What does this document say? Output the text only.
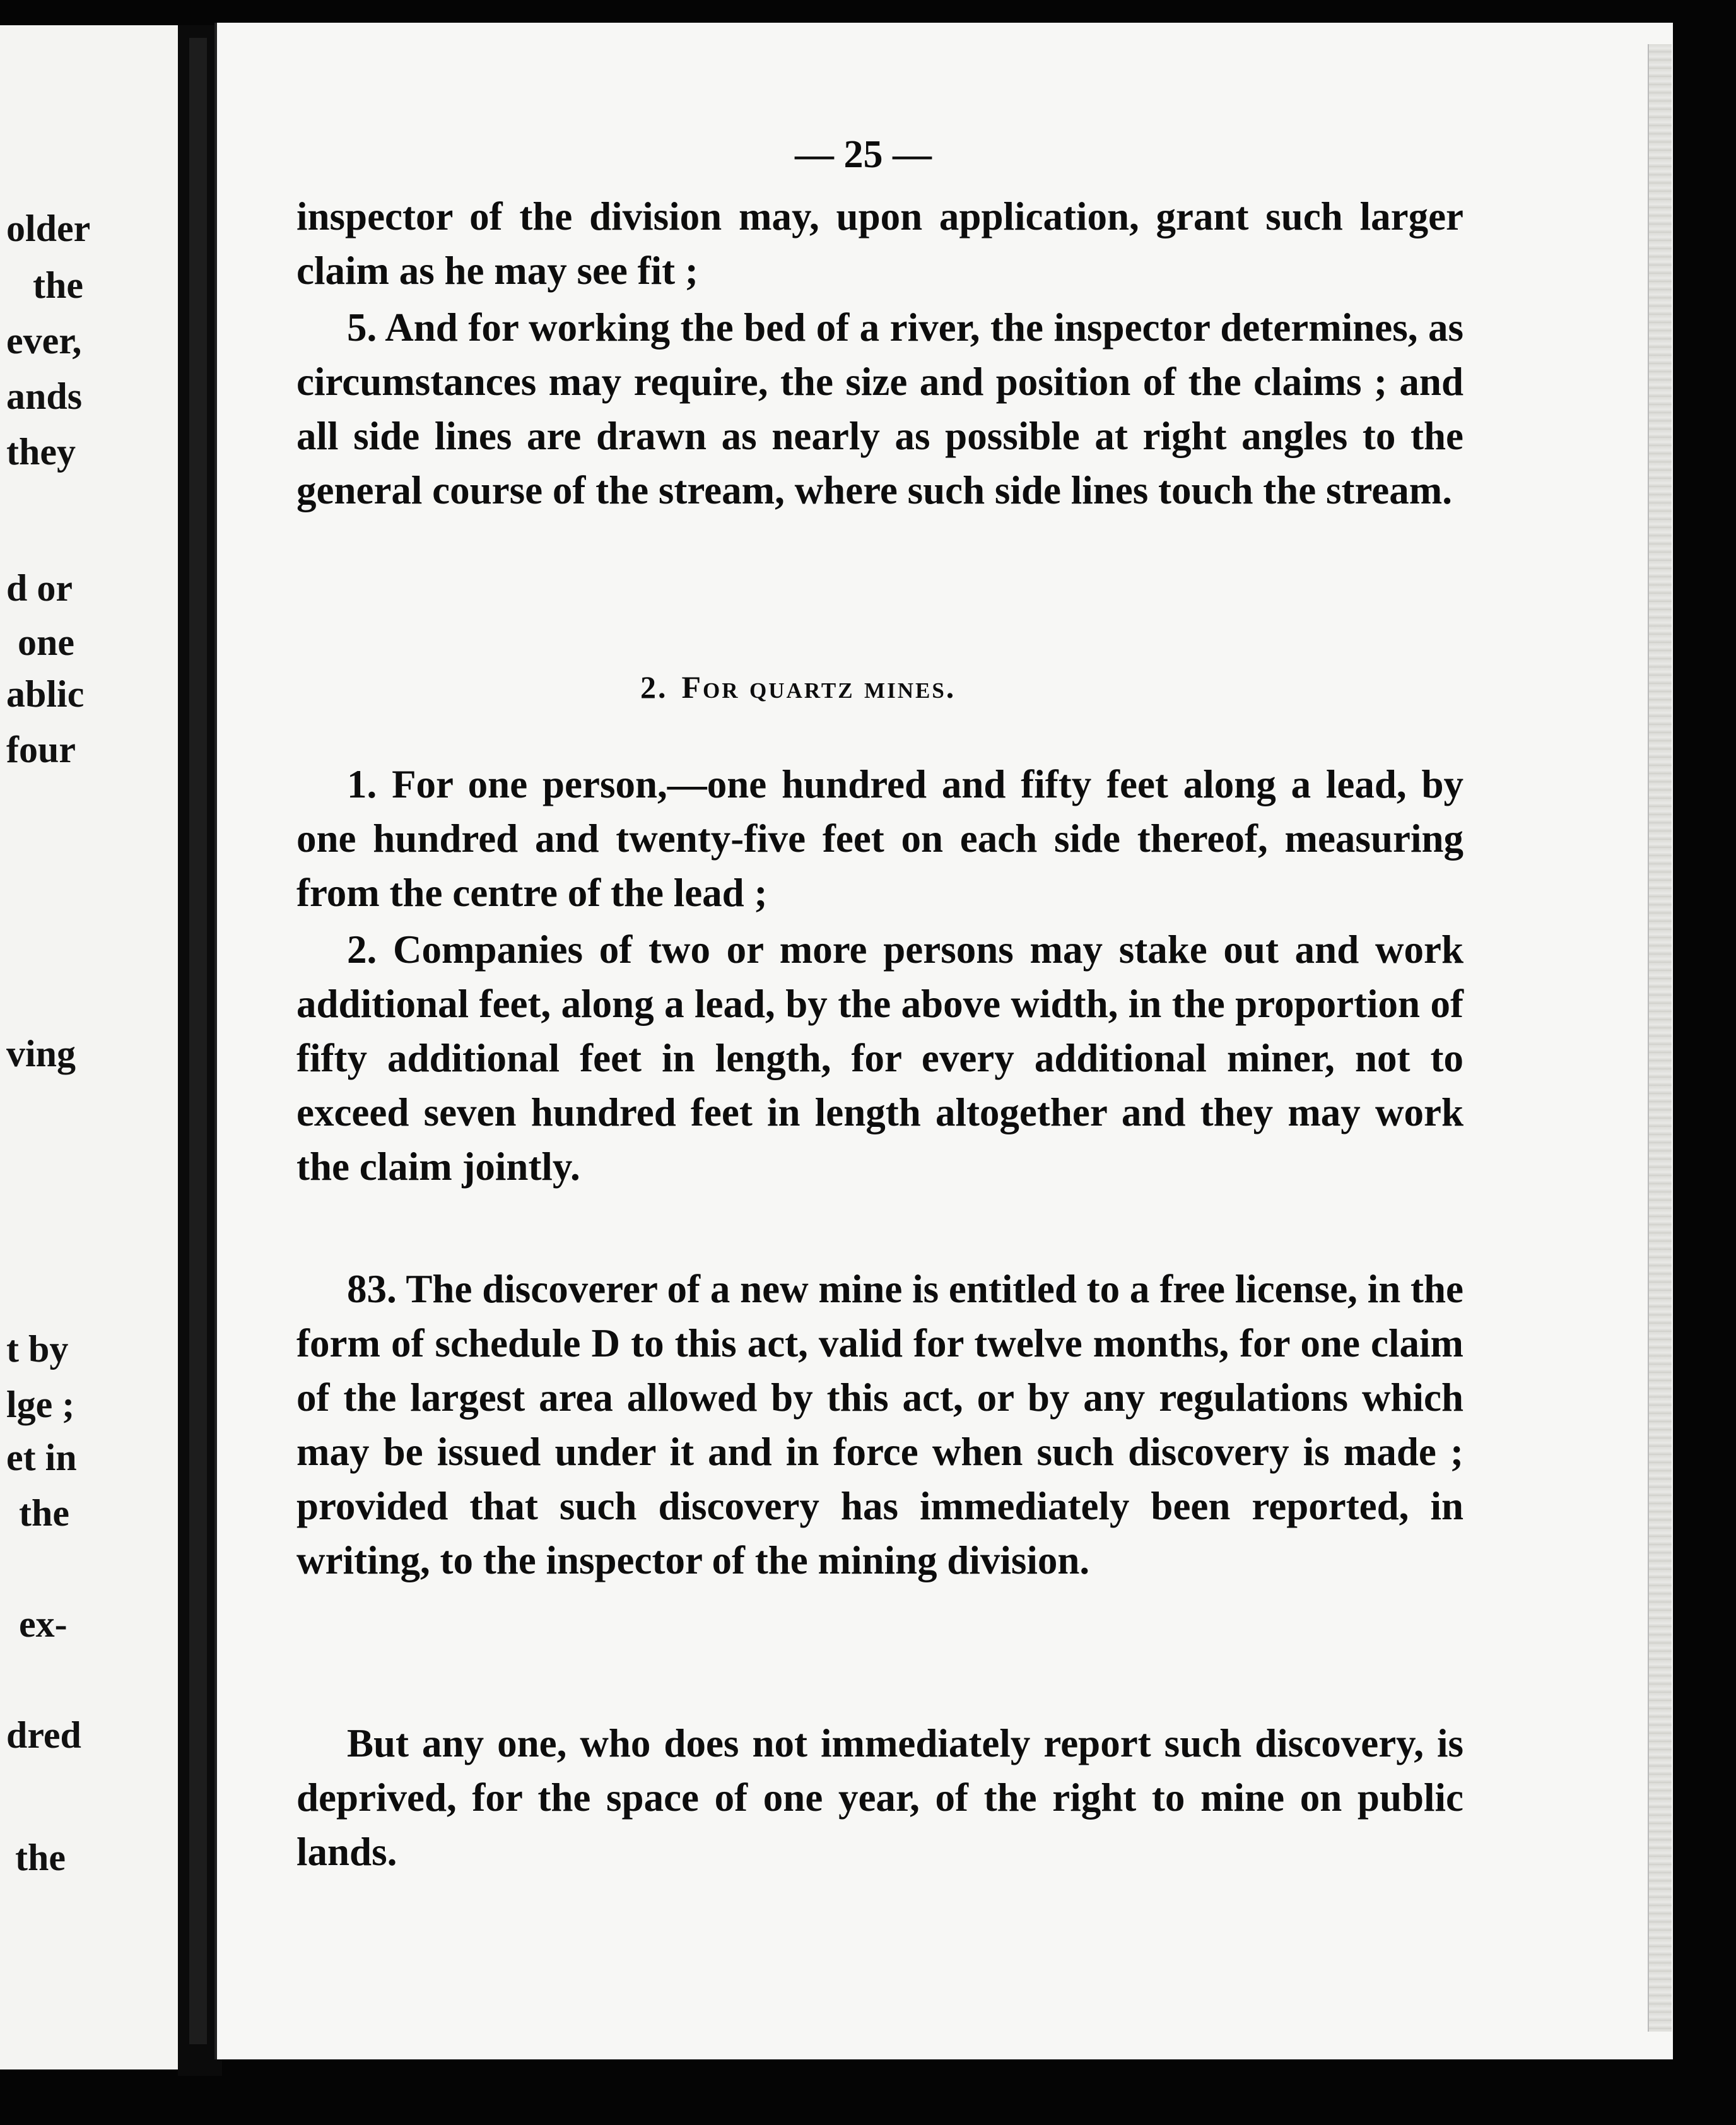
older
the
ever,
ands
they
d or
one
ablic
four
ving
t by
lge ;
et in
the
ex-
dred
the
— 25 —

inspector of the division may, upon application, grant such larger claim as he may see fit ;

5. And for working the bed of a river, the inspector determines, as circumstances may require, the size and position of the claims ; and all side lines are drawn as nearly as possible at right angles to the general course of the stream, where such side lines touch the stream.

2. For quartz mines.

1. For one person,—one hundred and fifty feet along a lead, by one hundred and twenty-five feet on each side thereof, measuring from the centre of the lead ;

2. Companies of two or more persons may stake out and work additional feet, along a lead, by the above width, in the proportion of fifty additional feet in length, for every additional miner, not to exceed seven hundred feet in length altogether and they may work the claim jointly.

83. The discoverer of a new mine is entitled to a free license, in the form of schedule D to this act, valid for twelve months, for one claim of the largest area allowed by this act, or by any regulations which may be issued under it and in force when such discovery is made ; provided that such discovery has immediately been reported, in writing, to the inspector of the mining division.

But any one, who does not immediately report such discovery, is deprived, for the space of one year, of the right to mine on public lands.
